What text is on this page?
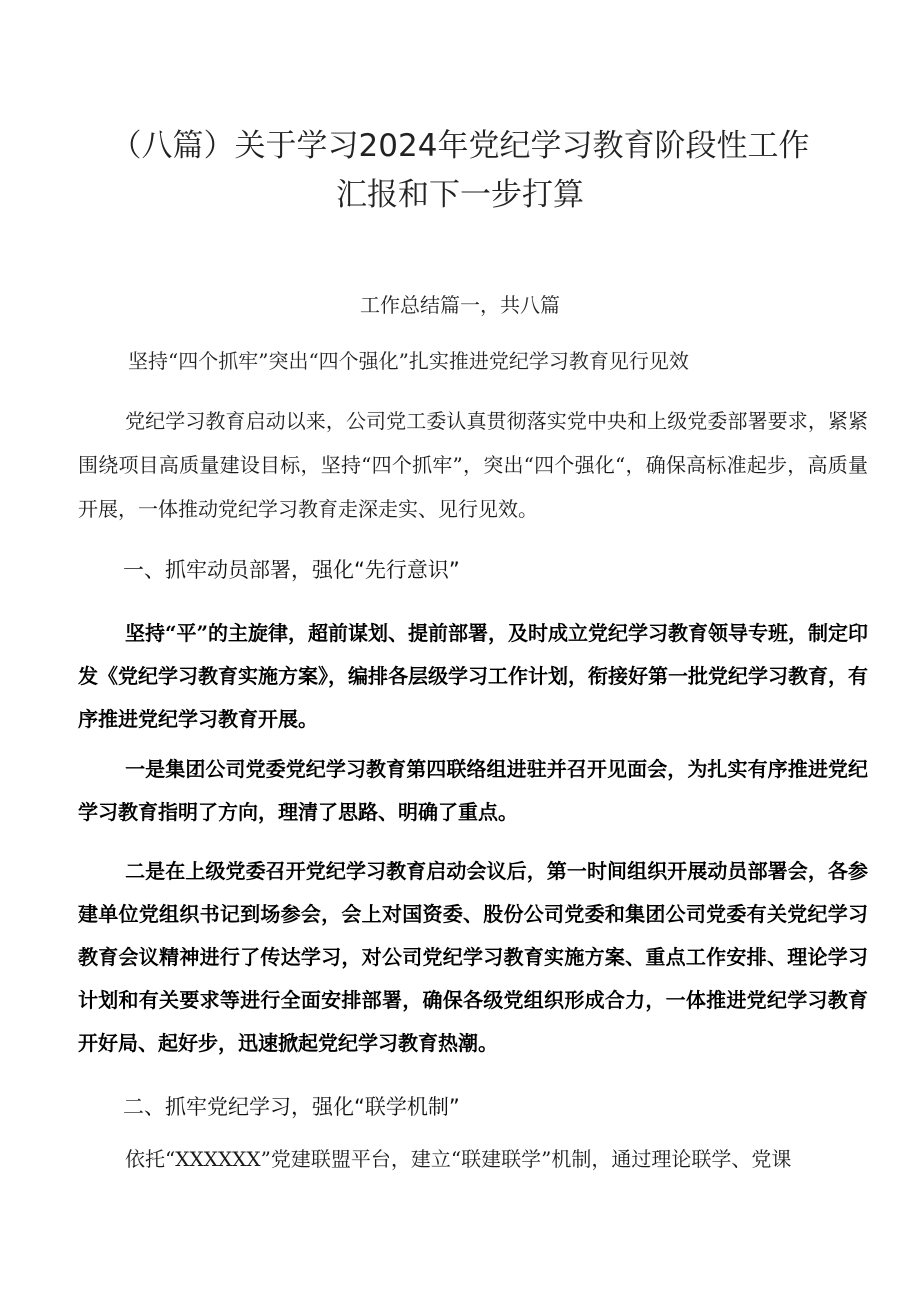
（八篇）关于学习2024年党纪学习教育阶段性工作
汇报和下一步打算
工作总结篇一，共八篇
坚持“四个抓牢”突出“四个强化”扎实推进党纪学习教育见行见效

党纪学习教育启动以来，公司党工委认真贯彻落实党中央和上级党委部署要求，紧紧围绕项目高质量建设目标，坚持“四个抓牢”，突出“四个强化“，确保高标准起步，高质量开展，一体推动党纪学习教育走深走实、见行见效。

一、抓牢动员部署，强化“先行意识”

坚持“平”的主旋律，超前谋划、提前部署，及时成立党纪学习教育领导专班，制定印发《党纪学习教育实施方案》，编排各层级学习工作计划，衔接好第一批党纪学习教育，有序推进党纪学习教育开展。

一是集团公司党委党纪学习教育第四联络组进驻并召开见面会，为扎实有序推进党纪学习教育指明了方向，理清了思路、明确了重点。

二是在上级党委召开党纪学习教育启动会议后，第一时间组织开展动员部署会，各参建单位党组织书记到场参会，会上对国资委、股份公司党委和集团公司党委有关党纪学习教育会议精神进行了传达学习，对公司党纪学习教育实施方案、重点工作安排、理论学习计划和有关要求等进行全面安排部署，确保各级党组织形成合力，一体推进党纪学习教育开好局、起好步，迅速掀起党纪学习教育热潮。

二、抓牢党纪学习，强化“联学机制”

依托“XXXXXX”党建联盟平台，建立“联建联学”机制，通过理论联学、党课
